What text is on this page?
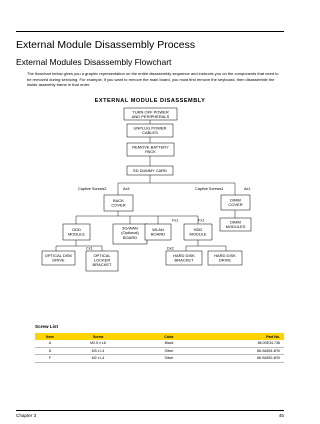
External Module Disassembly Process
External Modules Disassembly Flowchart
The flowchart below gives you a graphic representation on the entire disassembly sequence and instructs you on the components that need to be removed during servicing. For example, if you want to remove the main board, you must first remove the keyboard, then disassemble the inside assembly frame in that order.
EXTERNAL MODULE DISASSEMBLY
TURN OFF POWER
AND PERIPHERALS
UNPLUG POWER
CABLES
REMOVE BATTERY
PACK
SD DUMMY CARD
BACK
COVER
DIMM
COVER
DIMM
MODULES
ODD
MODULE
3G/WAN
(Optional)
BOARD
WLAN
BOARD
HDD
MODULE
OPTICAL DISK
DRIVE
OPTICAL
LOCKER
BRACKET
HARD DISK
BRACKET
HARD DISK
DRIVE
Captive Screws2	Ax3	Captive Screws1	Ax1
Fx1	Fx1
Cx1	Dx2
Screw List
Item	Screw	Color	Part No.
A	M2.5 x L6	Black	86.00E34.736
D	M3 x L4	Silver	86.9A554.4R0
F	M2 x L4	Silver	86.9A552.4R0
Chapter 3	45
